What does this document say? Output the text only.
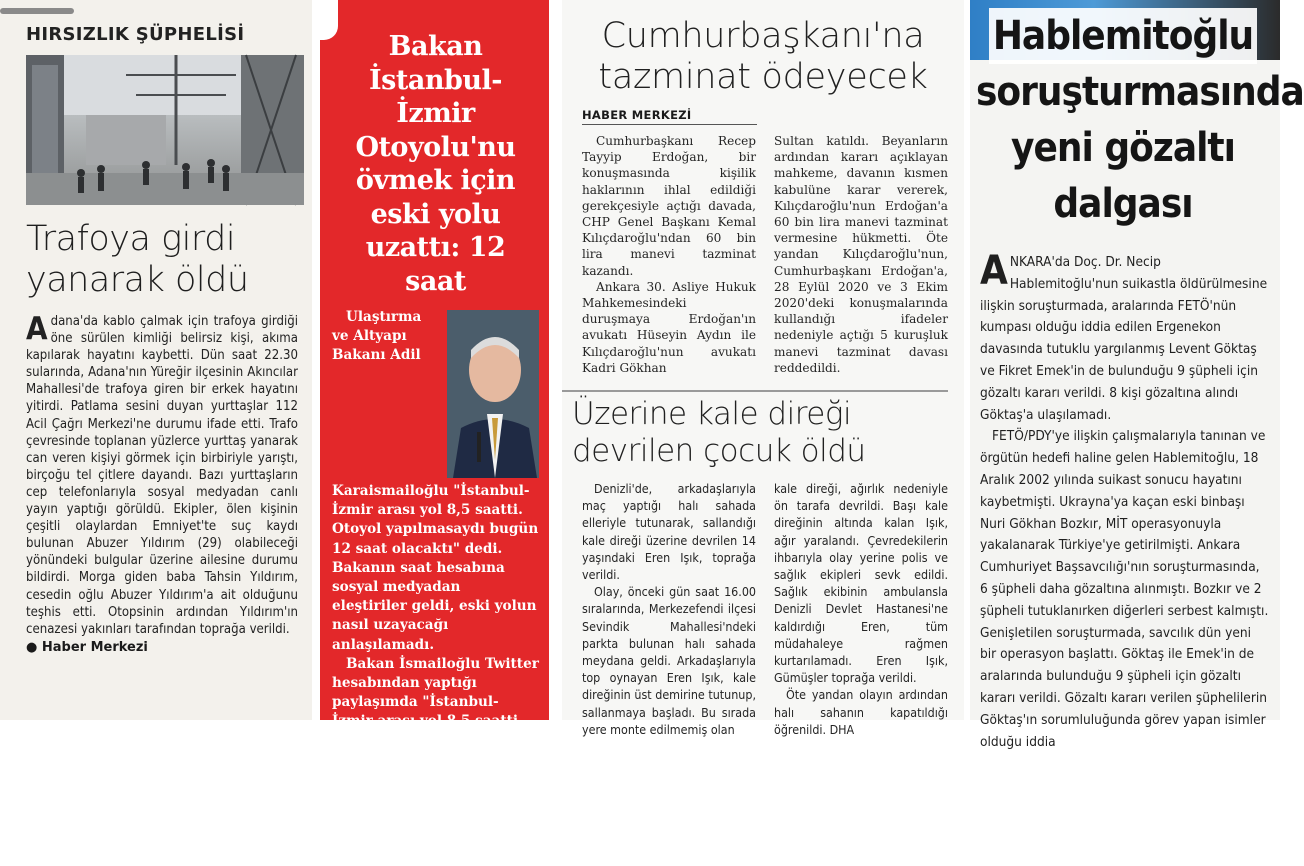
HIRSIZLIK ŞÜPHELİSİ
Trafoya girdi yanarak öldü
A dana'da kablo çalmak için trafoya girdiği öne sürülen kimliği belirsiz kişi, akıma kapılarak hayatını kaybetti. Dün saat 22.30 sularında, Adana'nın Yüreğir ilçesinin Akıncılar Mahallesi'de trafoya giren bir erkek hayatını yitirdi. Patlama sesini duyan yurttaşlar 112 Acil Çağrı Merkezi'ne durumu ifade etti. Trafo çevresinde toplanan yüzlerce yurttaş yanarak can veren kişiyi görmek için birbiriyle yarıştı, birçoğu tel çitlere dayandı. Bazı yurttaşların cep telefonlarıyla sosyal medyadan canlı yayın yaptığı görüldü. Ekipler, ölen kişinin çeşitli olaylardan Emniyet'te suç kaydı bulunan Abuzer Yıldırım (29) olabileceği yönündeki bulgular üzerine ailesine durumu bildirdi. Morga giden baba Tahsin Yıldırım, cesedin oğlu Abuzer Yıldırım'a ait olduğunu teşhis etti. Otopsinin ardından Yıldırım'ın cenazesi yakınları tarafından toprağa verildi.
● Haber Merkezi
Bakan İstanbul-İzmir Otoyolu'nu övmek için eski yolu uzattı: 12 saat

Ulaştırma ve Altyapı Bakanı Adil Karaismailoğlu "İstanbul-İzmir arası yol 8,5 saatti. Otoyol yapılmasaydı bugün 12 saat olacaktı" dedi. Bakanın saat hesabına sosyal medyadan eleştiriler geldi, eski yolun nasıl uzayacağı anlaşılamadı.

Bakan İsmailoğlu Twitter hesabından yaptığı paylaşımda "İstanbul-İzmir arası yol 8,5 saatti. Otoyol yapılmasaydı bugün 12 saat olacaktı. Şimdi 3,5 saatte İstanbul'dan İzmir'e gidebiliyorsunuz" ifadelerini kullandı. İsmailoğlu ayrıca paylaşımına 'devlet aklı'

Cumhurbaşkanı'na tazminat ödeyecek
HABER MERKEZİ

Cumhurbaşkanı Recep Tayyip Erdoğan, bir konuşmasında kişilik haklarının ihlal edildiği gerekçesiyle açtığı davada, CHP Genel Başkanı Kemal Kılıçdaroğlu'ndan 60 bin lira manevi tazminat kazandı.

Ankara 30. Asliye Hukuk Mahkemesindeki duruşmaya Erdoğan'ın avukatı Hüseyin Aydın ile Kılıçdaroğlu'nun avukatı Kadri Gökhan

Sultan katıldı. Beyanların ardından kararı açıklayan mahkeme, davanın kısmen kabulüne karar vererek, Kılıçdaroğlu'nun Erdoğan'a 60 bin lira manevi tazminat vermesine hükmetti. Öte yandan Kılıçdaroğlu'nun, Cumhurbaşkanı Erdoğan'a, 28 Eylül 2020 ve 3 Ekim 2020'deki konuşmalarında kullandığı ifadeler nedeniyle açtığı 5 kuruşluk manevi tazminat davası reddedildi.

Üzerine kale direği devrilen çocuk öldü

Denizli'de, arkadaşlarıyla maç yaptığı halı sahada elleriyle tutunarak, sallandığı kale direği üzerine devrilen 14 yaşındaki Eren Işık, toprağa verildi.

Olay, önceki gün saat 16.00 sıralarında, Merkezefendi ilçesi Sevindik Mahallesi'ndeki parkta bulunan halı sahada meydana geldi. Arkadaşlarıyla top oynayan Eren Işık, kale direğinin üst demirine tutunup, sallanmaya başladı. Bu sırada yere monte edilmemiş olan

kale direği, ağırlık nedeniyle ön tarafa devrildi. Başı kale direğinin altında kalan Işık, ağır yaralandı. Çevredekilerin ihbarıyla olay yerine polis ve sağlık ekipleri sevk edildi. Sağlık ekibinin ambulansla Denizli Devlet Hastanesi'ne kaldırdığı Eren, tüm müdahaleye rağmen kurtarılamadı. Eren Işık, Gümüşler toprağa verildi.

Öte yandan olayın ardından halı sahanın kapatıldığı öğrenildi. DHA

Hablemitoğlu
soruşturmasında
yeni gözaltı dalgası

ANKARA'da Doç. Dr. Necip Hablemitoğlu'nun suikastla öldürülmesine ilişkin soruşturmada, aralarında FETÖ'nün kumpası olduğu iddia edilen Ergenekon davasında tutuklu yargılanmış Levent Göktaş ve Fikret Emek'in de bulunduğu 9 şüpheli için gözaltı kararı verildi. 8 kişi gözaltına alındı Göktaş'a ulaşılamadı.

FETÖ/PDY'ye ilişkin çalışmalarıyla tanınan ve örgütün hedefi haline gelen Hablemitoğlu, 18 Aralık 2002 yılında suikast sonucu hayatını kaybetmişti. Ukrayna'ya kaçan eski binbaşı Nuri Gökhan Bozkır, MİT operasyonuyla yakalanarak Türkiye'ye getirilmişti. Ankara Cumhuriyet Başsavcılığı'nın soruşturmasında, 6 şüpheli daha gözaltına alınmıştı. Bozkır ve 2 şüpheli tutuklanırken diğerleri serbest kalmıştı. Genişletilen soruşturmada, savcılık dün yeni bir operasyon başlattı. Göktaş ile Emek'in de aralarında bulunduğu 9 şüpheli için gözaltı kararı verildi. Gözaltı kararı verilen şüphelilerin Göktaş'ın sorumluluğunda görev yapan isimler olduğu iddia
